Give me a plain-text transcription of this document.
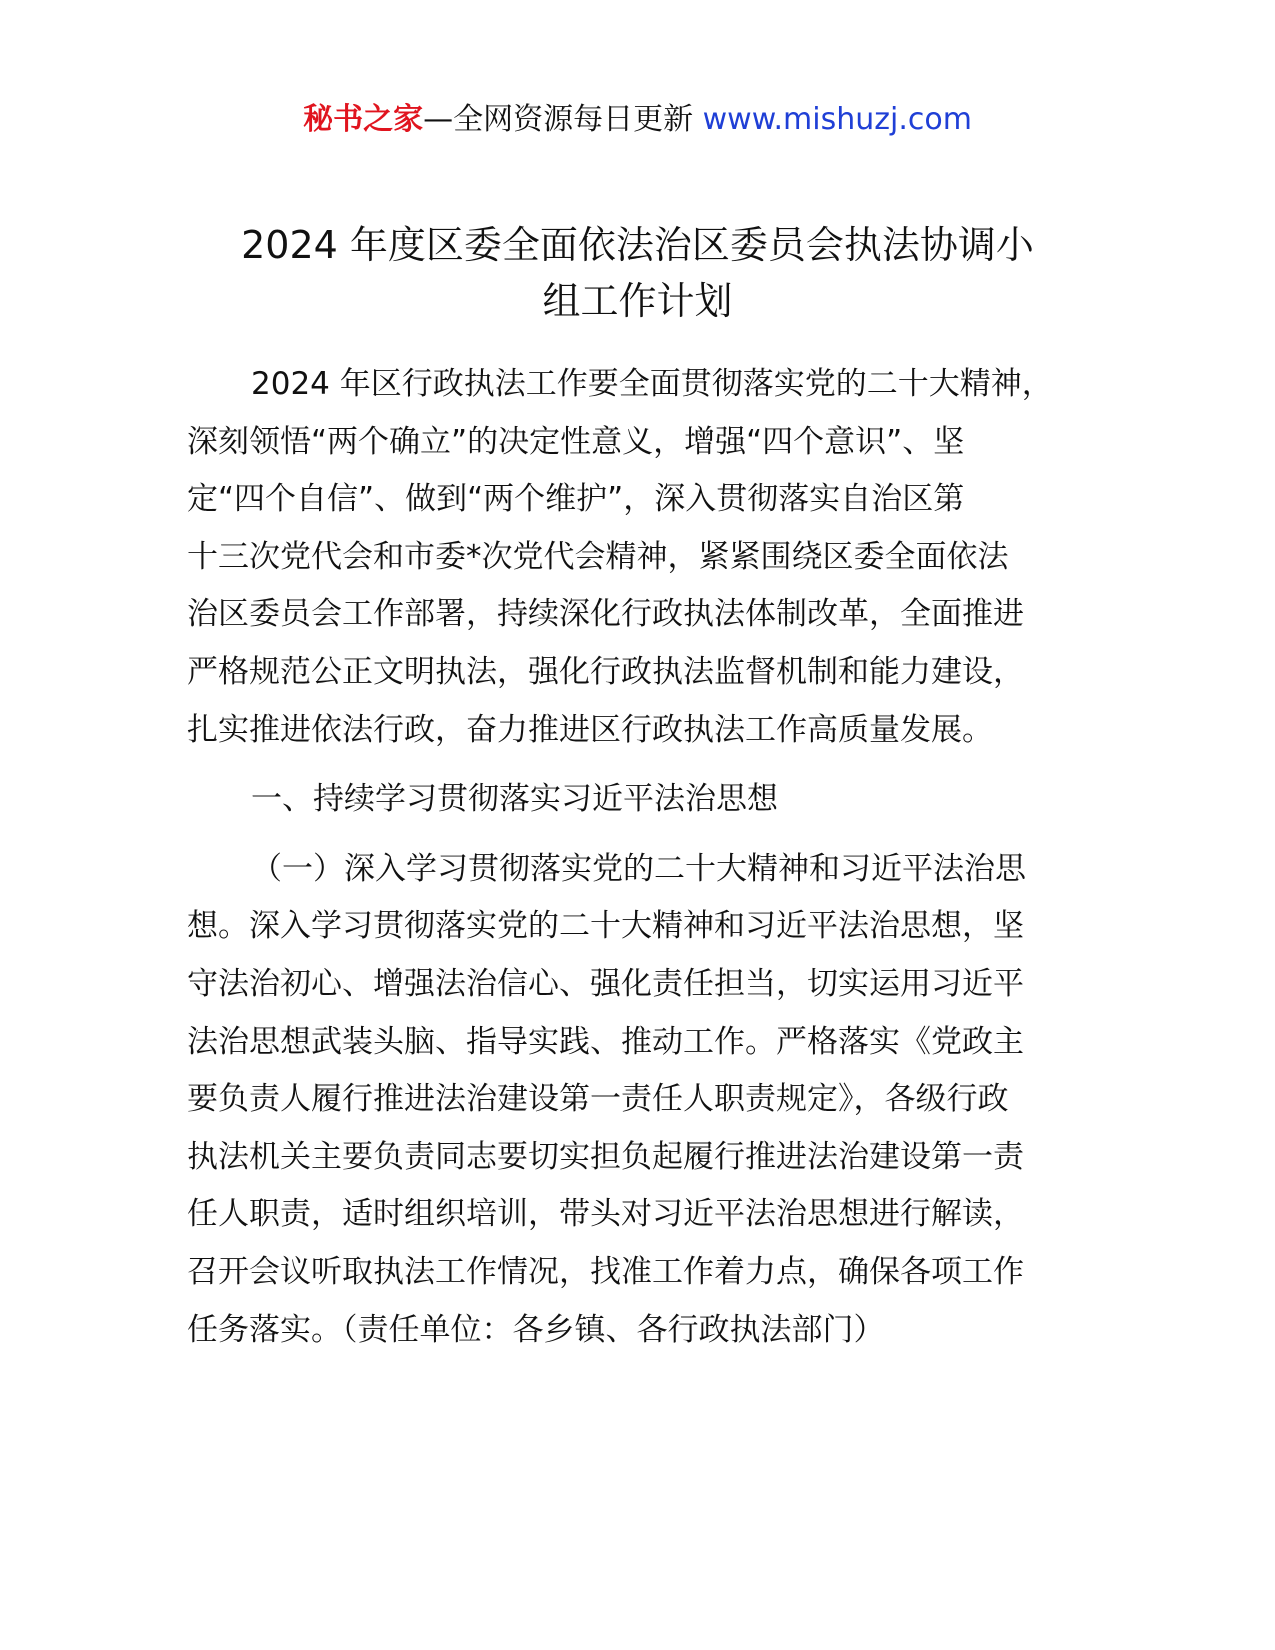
秘书之家—全网资源每日更新 www.mishuzj.com
2024 年度区委全面依法治区委员会执法协调小
组工作计划
2024 年区行政执法工作要全面贯彻落实党的二十大精神，
深刻领悟“两个确立”的决定性意义，增强“四个意识”、坚
定“四个自信”、做到“两个维护”，深入贯彻落实自治区第
十三次党代会和市委*次党代会精神，紧紧围绕区委全面依法
治区委员会工作部署，持续深化行政执法体制改革，全面推进
严格规范公正文明执法，强化行政执法监督机制和能力建设，
扎实推进依法行政，奋力推进区行政执法工作高质量发展。
一、持续学习贯彻落实习近平法治思想
（一）深入学习贯彻落实党的二十大精神和习近平法治思
想。深入学习贯彻落实党的二十大精神和习近平法治思想，坚
守法治初心、增强法治信心、强化责任担当，切实运用习近平
法治思想武装头脑、指导实践、推动工作。严格落实《党政主
要负责人履行推进法治建设第一责任人职责规定》，各级行政
执法机关主要负责同志要切实担负起履行推进法治建设第一责
任人职责，适时组织培训，带头对习近平法治思想进行解读，
召开会议听取执法工作情况，找准工作着力点，确保各项工作
任务落实。（责任单位：各乡镇、各行政执法部门）
